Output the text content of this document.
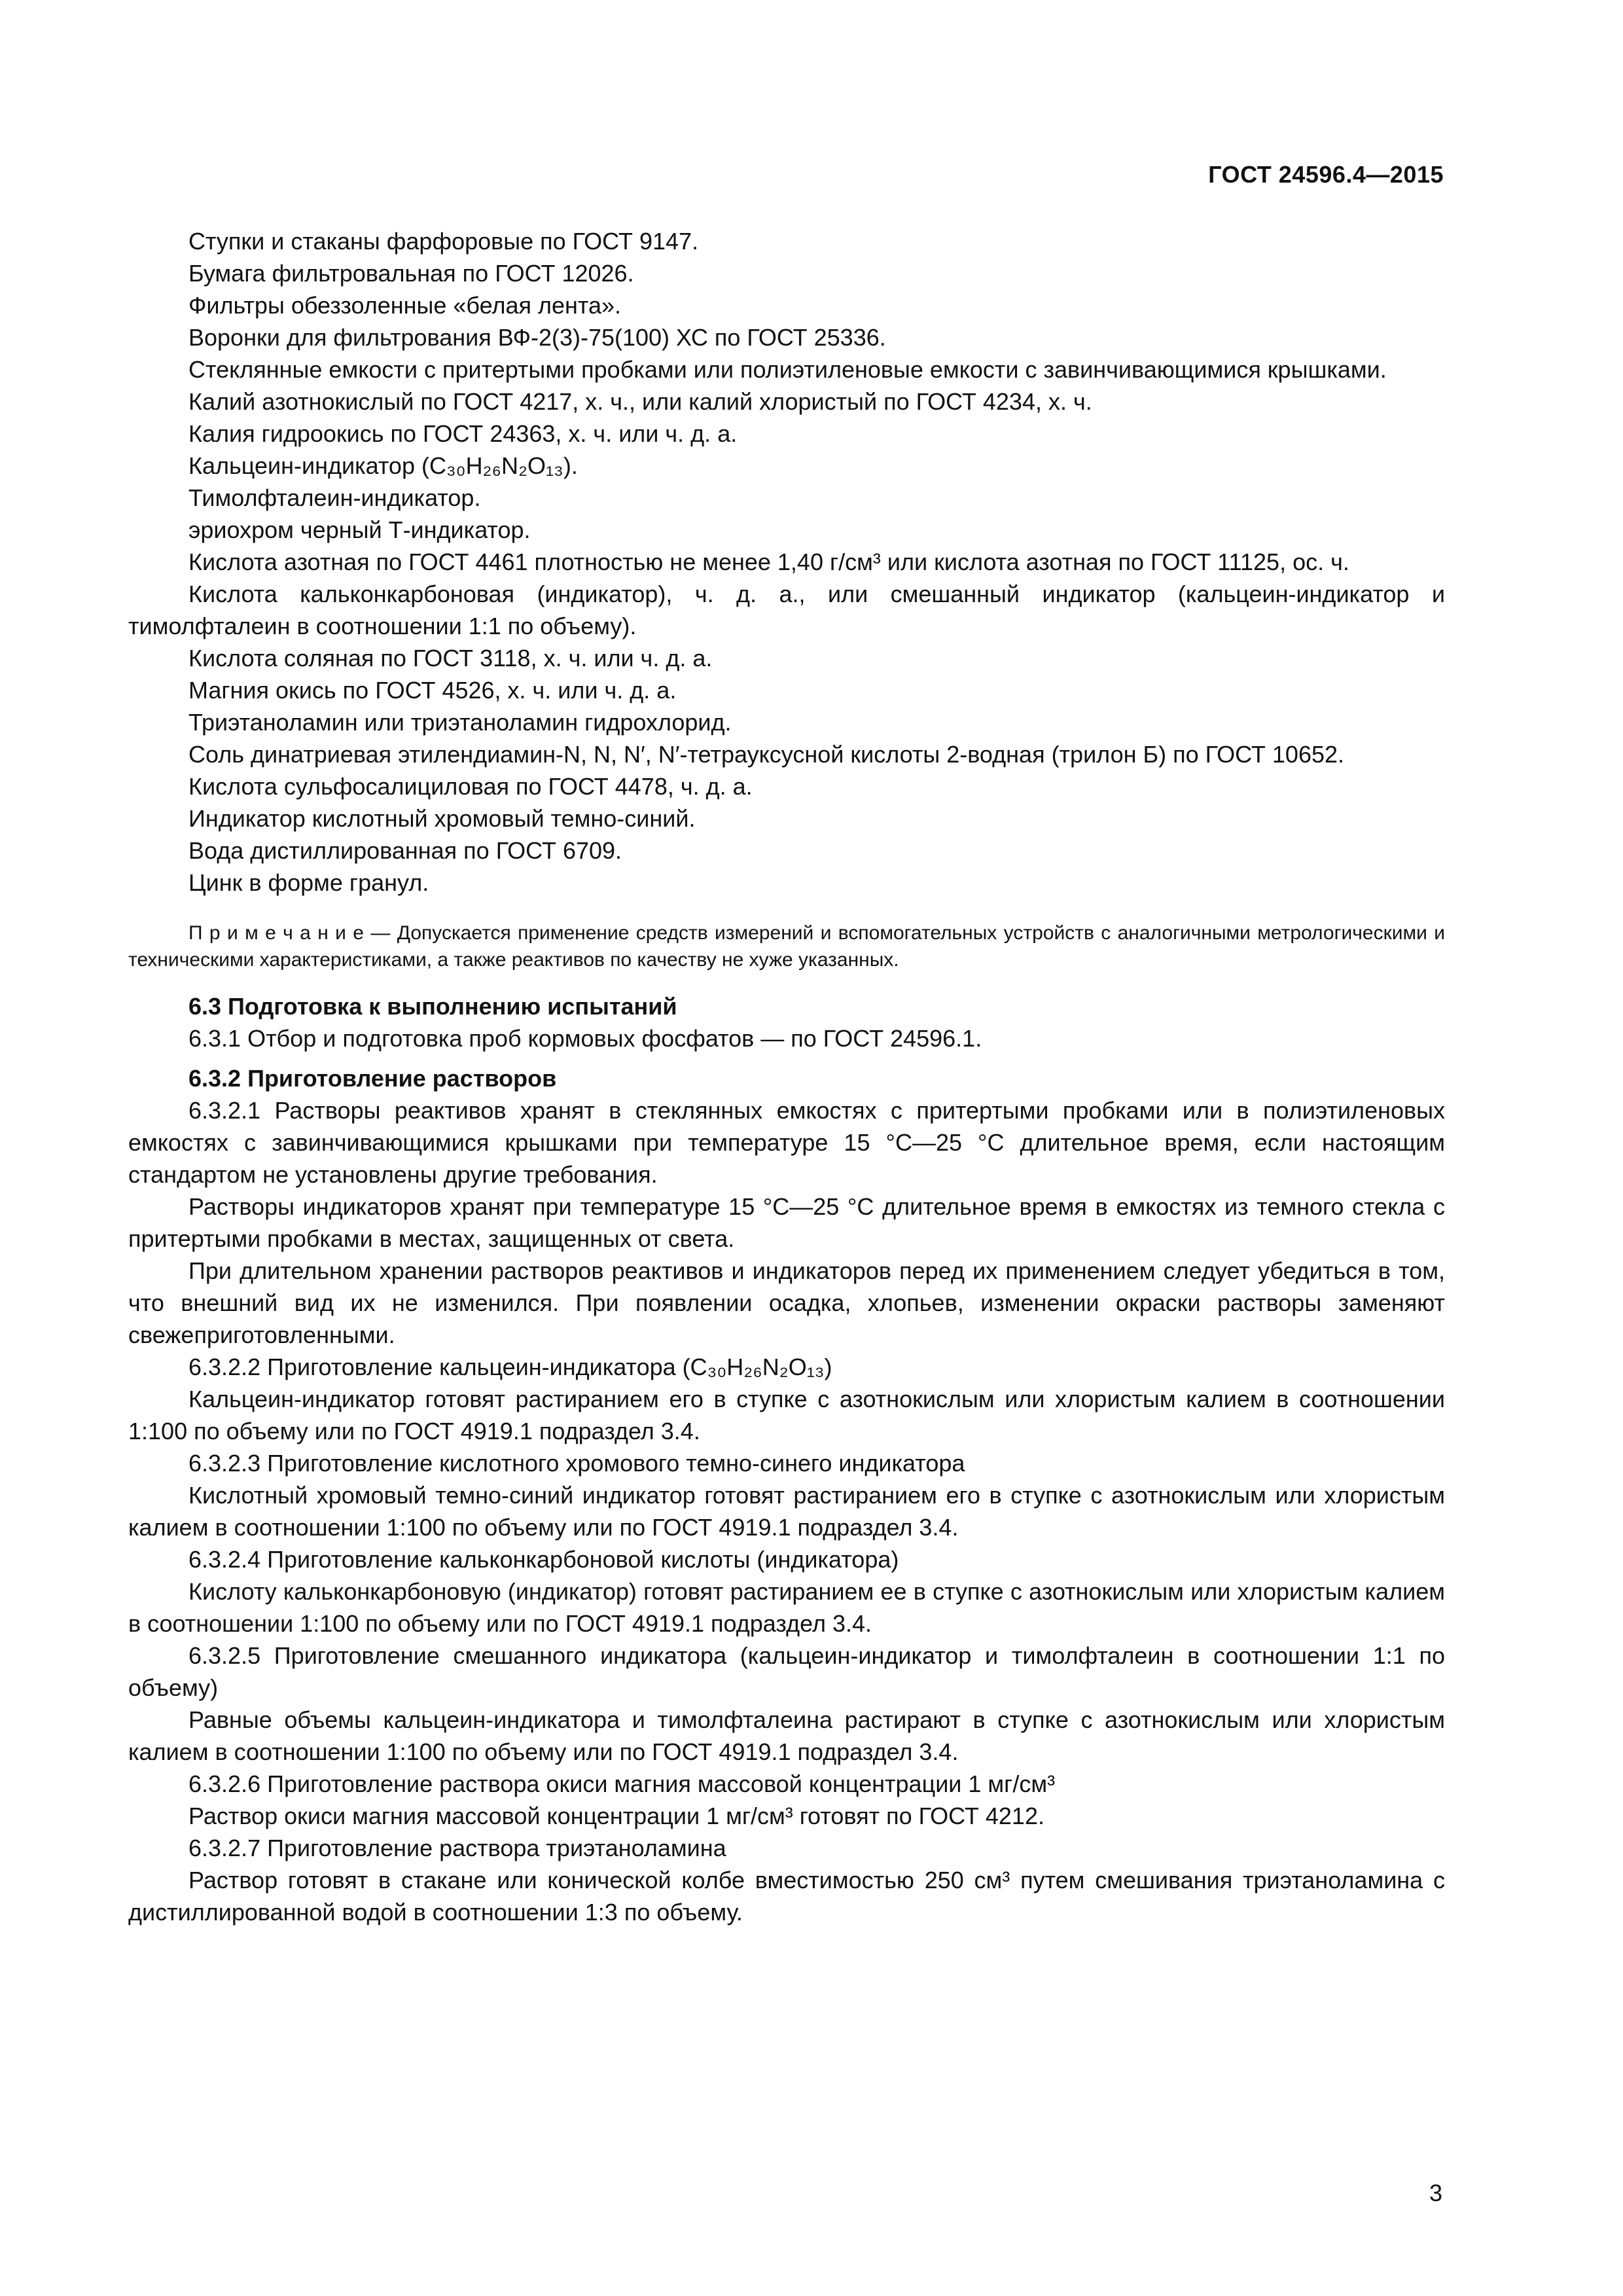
ГОСТ 24596.4—2015

Ступки и стаканы фарфоровые по ГОСТ 9147.

Бумага фильтровальная по ГОСТ 12026.

Фильтры обеззоленные «белая лента».

Воронки для фильтрования ВФ-2(3)-75(100) ХС по ГОСТ 25336.

Стеклянные емкости с притертыми пробками или полиэтиленовые емкости с завинчивающимися крышками.

Калий азотнокислый по ГОСТ 4217, х. ч., или калий хлористый по ГОСТ 4234, х. ч.

Калия гидроокись по ГОСТ 24363, х. ч. или ч. д. а.

Кальцеин-индикатор (C₃₀H₂₆N₂O₁₃).

Тимолфталеин-индикатор.

эриохром черный Т-индикатор.

Кислота азотная по ГОСТ 4461 плотностью не менее 1,40 г/см³ или кислота азотная по ГОСТ 11125, ос. ч.

Кислота кальконкарбоновая (индикатор), ч. д. а., или смешанный индикатор (кальцеин-индикатор и тимолфталеин в соотношении 1:1 по объему).

Кислота соляная по ГОСТ 3118, х. ч. или ч. д. а.

Магния окись по ГОСТ 4526, х. ч. или ч. д. а.

Триэтаноламин или триэтаноламин гидрохлорид.

Соль динатриевая этилендиамин-N, N, N′, N′-тетрауксусной кислоты 2-водная (трилон Б) по ГОСТ 10652.

Кислота сульфосалициловая по ГОСТ 4478, ч. д. а.

Индикатор кислотный хромовый темно-синий.

Вода дистиллированная по ГОСТ 6709.

Цинк в форме гранул.

П р и м е ч а н и е — Допускается применение средств измерений и вспомогательных устройств с аналогичными метрологическими и техническими характеристиками, а также реактивов по качеству не хуже указанных.

6.3 Подготовка к выполнению испытаний

6.3.1 Отбор и подготовка проб кормовых фосфатов — по ГОСТ 24596.1.

6.3.2 Приготовление растворов

6.3.2.1 Растворы реактивов хранят в стеклянных емкостях с притертыми пробками или в полиэтиленовых емкостях с завинчивающимися крышками при температуре 15 °С—25 °С длительное время, если настоящим стандартом не установлены другие требования.

Растворы индикаторов хранят при температуре 15 °С—25 °С длительное время в емкостях из темного стекла с притертыми пробками в местах, защищенных от света.

При длительном хранении растворов реактивов и индикаторов перед их применением следует убедиться в том, что внешний вид их не изменился. При появлении осадка, хлопьев, изменении окраски растворы заменяют свежеприготовленными.

6.3.2.2 Приготовление кальцеин-индикатора (C₃₀H₂₆N₂O₁₃)

Кальцеин-индикатор готовят растиранием его в ступке с азотнокислым или хлористым калием в соотношении 1:100 по объему или по ГОСТ 4919.1 подраздел 3.4.

6.3.2.3 Приготовление кислотного хромового темно-синего индикатора

Кислотный хромовый темно-синий индикатор готовят растиранием его в ступке с азотнокислым или хлористым калием в соотношении 1:100 по объему или по ГОСТ 4919.1 подраздел 3.4.

6.3.2.4 Приготовление кальконкарбоновой кислоты (индикатора)

Кислоту кальконкарбоновую (индикатор) готовят растиранием ее в ступке с азотнокислым или хлористым калием в соотношении 1:100 по объему или по ГОСТ 4919.1 подраздел 3.4.

6.3.2.5 Приготовление смешанного индикатора (кальцеин-индикатор и тимолфталеин в соотношении 1:1 по объему)

Равные объемы кальцеин-индикатора и тимолфталеина растирают в ступке с азотнокислым или хлористым калием в соотношении 1:100 по объему или по ГОСТ 4919.1 подраздел 3.4.

6.3.2.6 Приготовление раствора окиси магния массовой концентрации 1 мг/см³

Раствор окиси магния массовой концентрации 1 мг/см³ готовят по ГОСТ 4212.

6.3.2.7 Приготовление раствора триэтаноламина

Раствор готовят в стакане или конической колбе вместимостью 250 см³ путем смешивания триэтаноламина с дистиллированной водой в соотношении 1:3 по объему.

3
